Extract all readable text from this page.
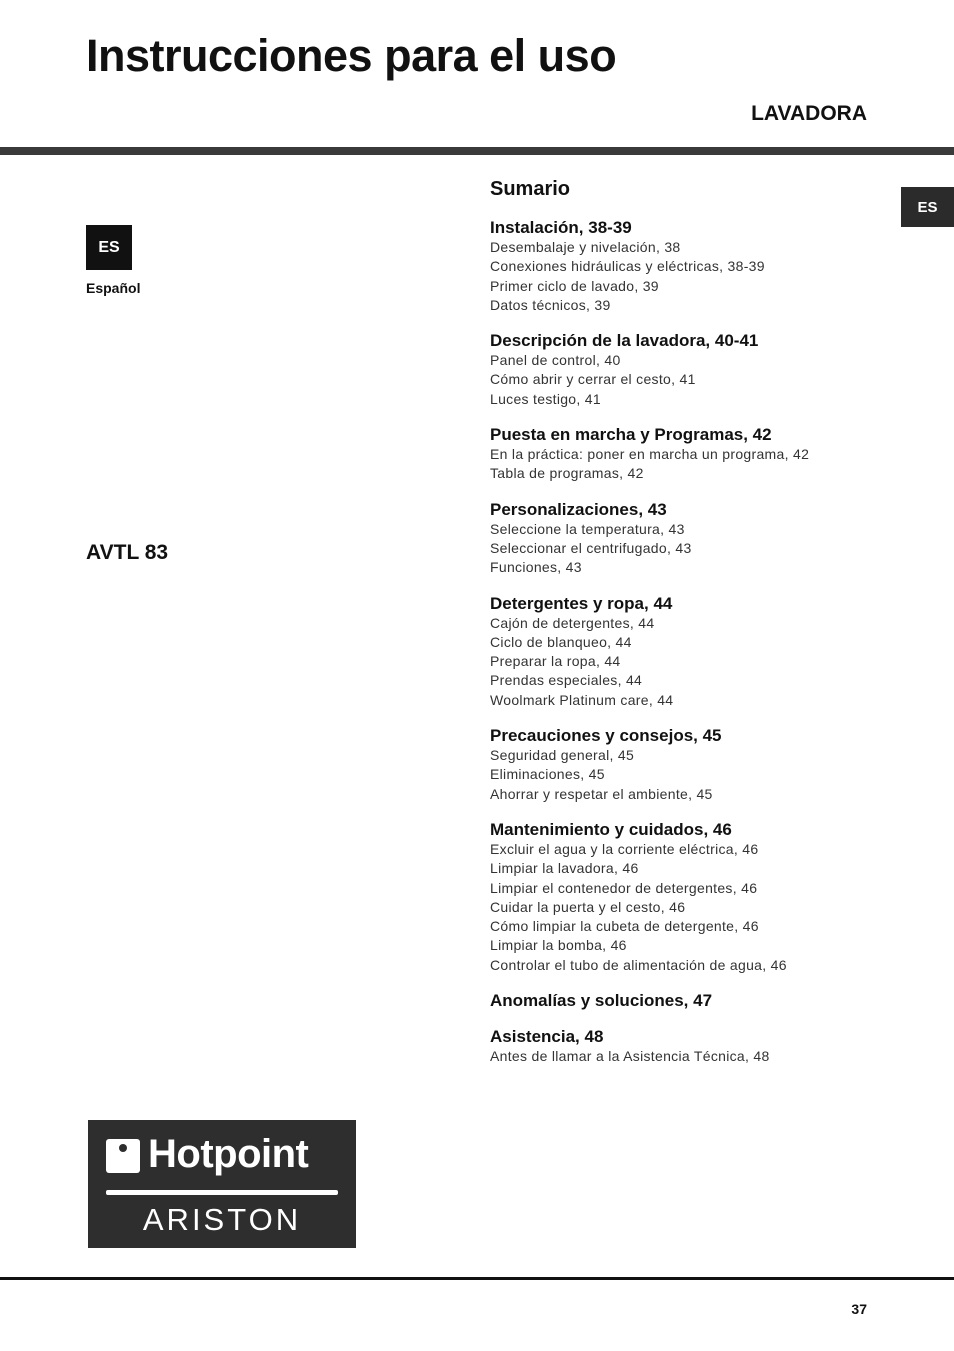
Instrucciones para el uso
LAVADORA
ES
ES
Español
AVTL 83
Sumario
Instalación, 38-39
Desembalaje y nivelación, 38
Conexiones hidráulicas y eléctricas, 38-39
Primer ciclo de lavado, 39
Datos técnicos, 39
Descripción de la lavadora, 40-41
Panel de control, 40
Cómo abrir y cerrar el cesto, 41
Luces testigo, 41
Puesta en marcha y Programas, 42
En la práctica: poner en marcha un programa, 42
Tabla de programas, 42
Personalizaciones, 43
Seleccione la temperatura, 43
Seleccionar el centrifugado, 43
Funciones, 43
Detergentes y ropa, 44
Cajón de detergentes, 44
Ciclo de blanqueo, 44
Preparar la ropa, 44
Prendas especiales, 44
Woolmark Platinum care, 44
Precauciones y consejos, 45
Seguridad general, 45
Eliminaciones, 45
Ahorrar y respetar el ambiente, 45
Mantenimiento y cuidados, 46
Excluir el agua y la corriente eléctrica, 46
Limpiar la lavadora, 46
Limpiar el contenedor de detergentes, 46
Cuidar la puerta y el cesto, 46
Cómo limpiar la cubeta de detergente, 46
Limpiar la bomba, 46
Controlar el tubo de alimentación de agua, 46
Anomalías y soluciones, 47
Asistencia, 48
Antes de llamar a la Asistencia Técnica, 48
Hotpoint
ARISTON
37
